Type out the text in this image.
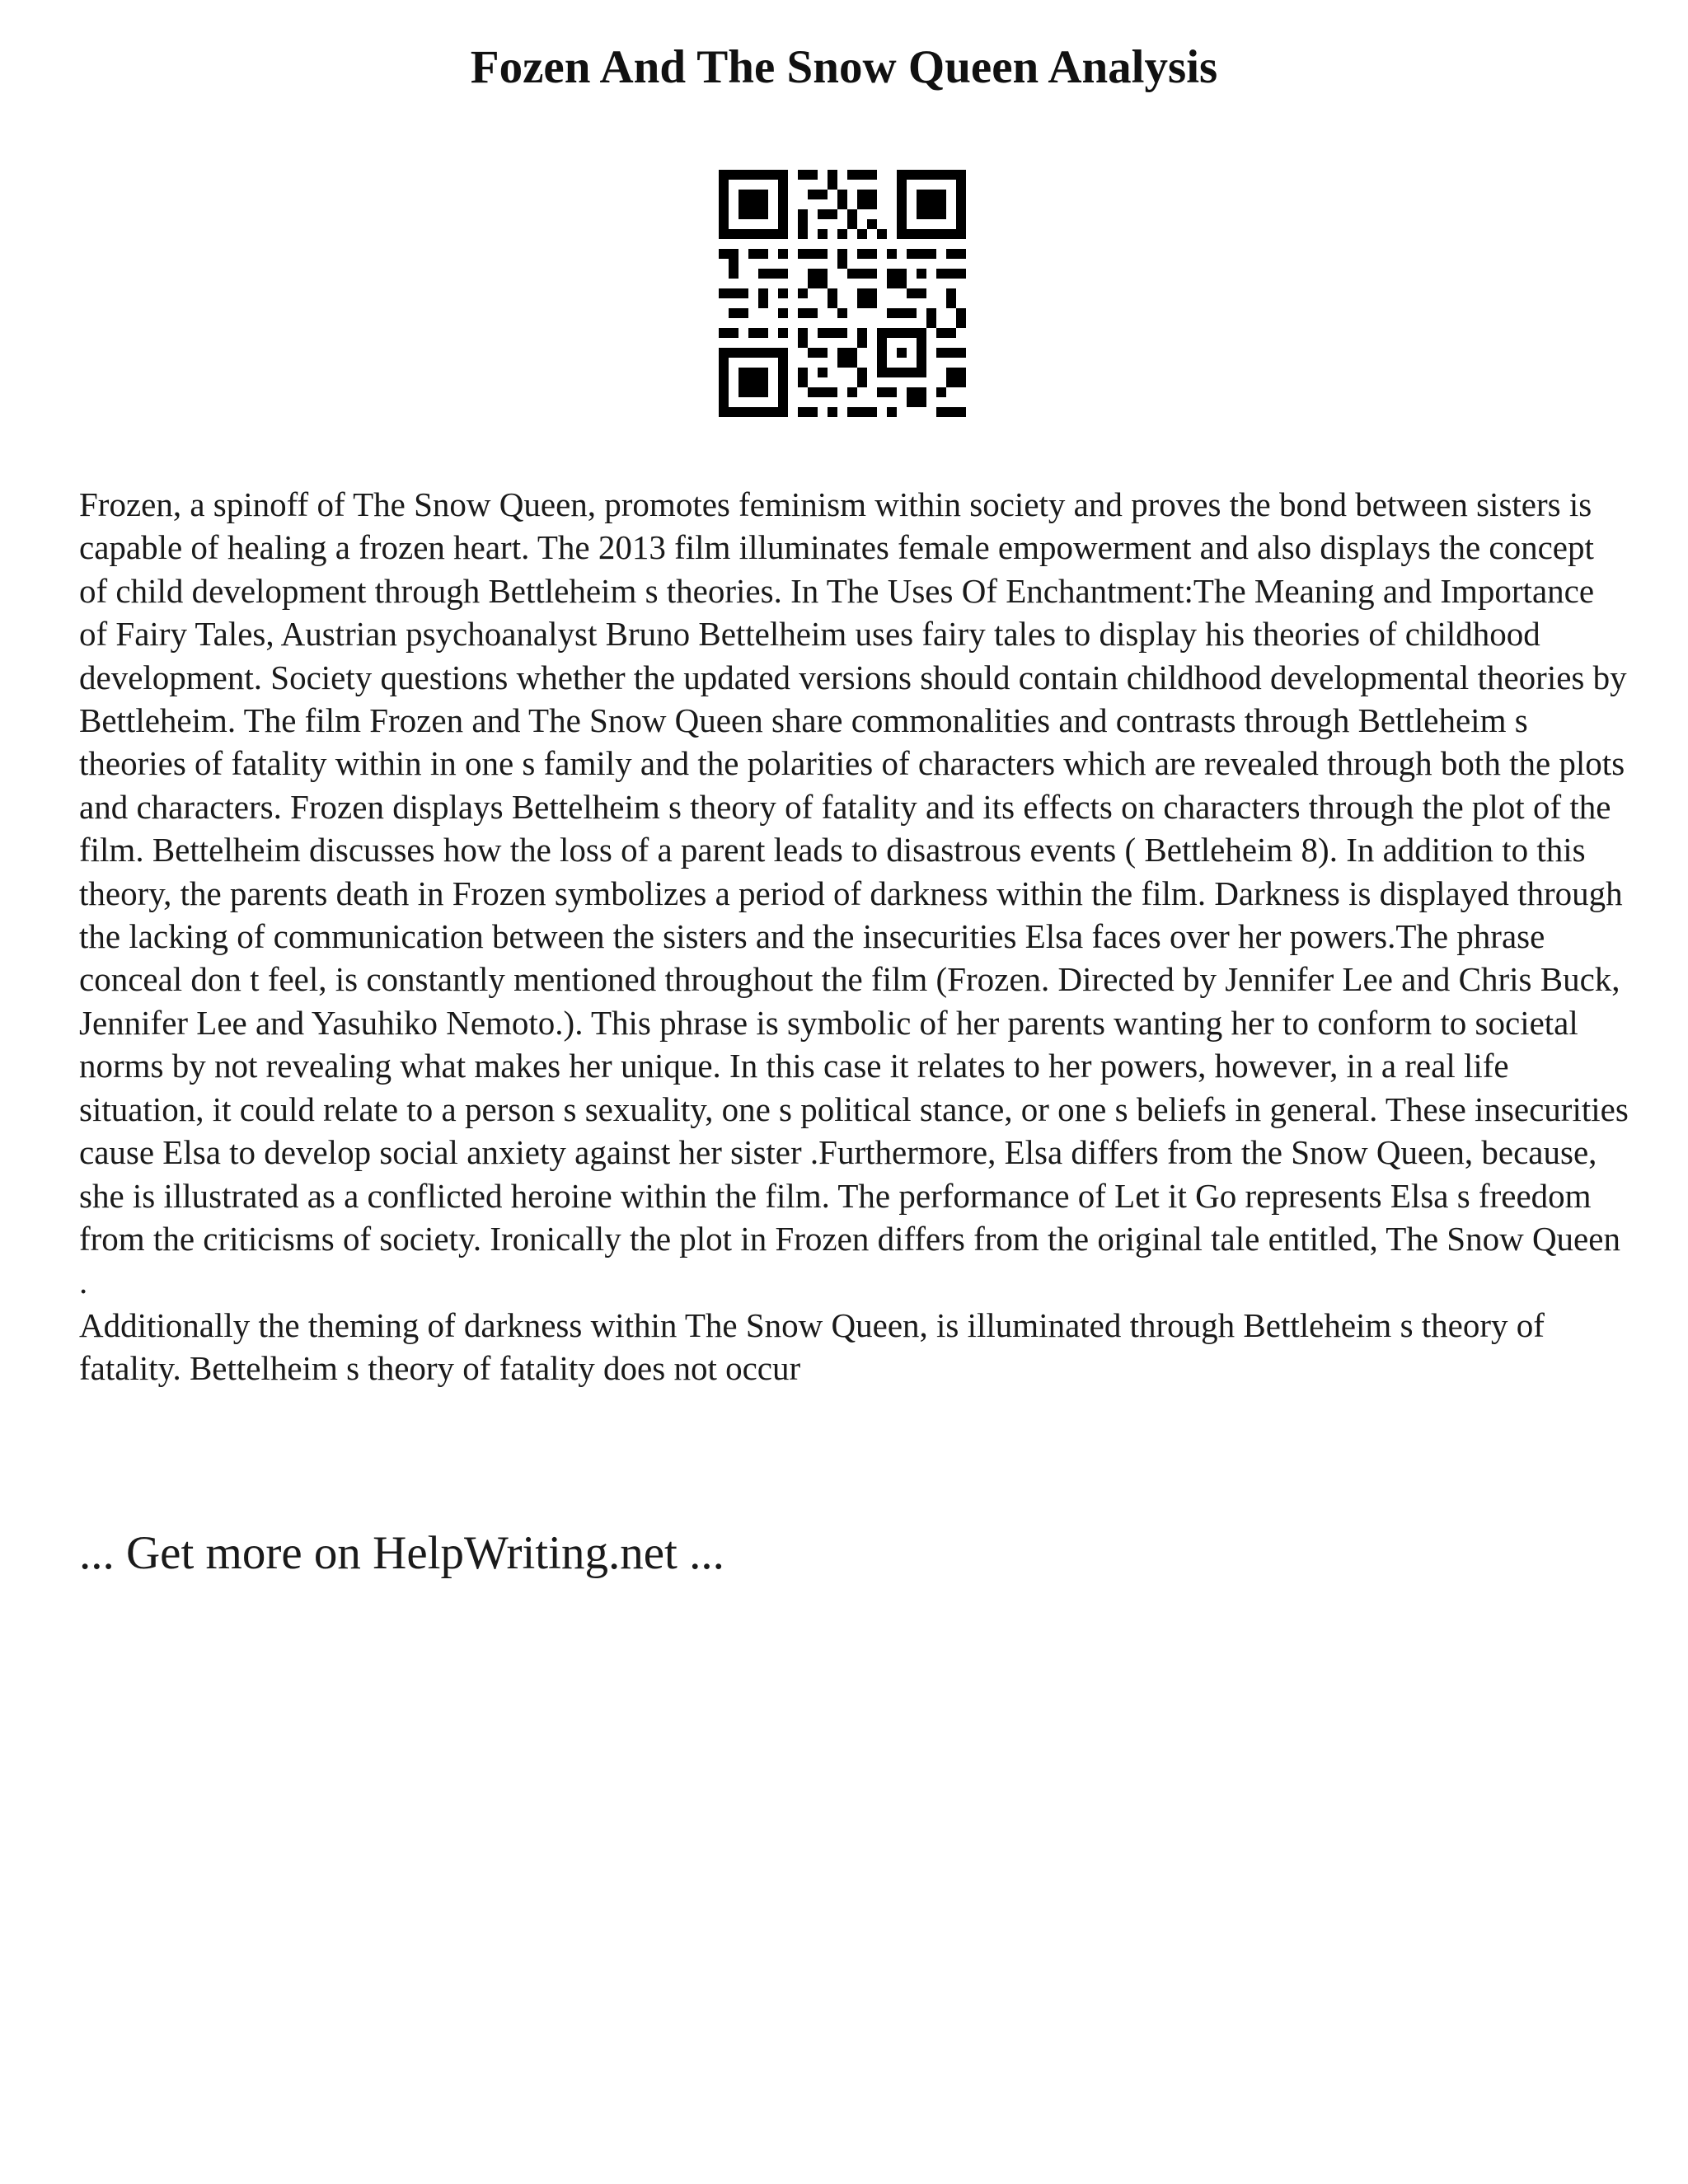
Fozen And The Snow Queen Analysis

Frozen, a spinoff of The Snow Queen, promotes feminism within society and proves the bond between sisters is capable of healing a frozen heart. The 2013 film illuminates female empowerment and also displays the concept of child development through Bettleheim s theories. In The Uses Of Enchantment:The Meaning and Importance of Fairy Tales, Austrian psychoanalyst Bruno Bettelheim uses fairy tales to display his theories of childhood development. Society questions whether the updated versions should contain childhood developmental theories by Bettleheim. The film Frozen and The Snow Queen share commonalities and contrasts through Bettleheim s theories of fatality within in one s family and the polarities of characters which are revealed through both the plots and characters. Frozen displays Bettelheim s theory of fatality and its effects on characters through the plot of the film. Bettelheim discusses how the loss of a parent leads to disastrous events ( Bettleheim 8). In addition to this theory, the parents death in Frozen symbolizes a period of darkness within the film. Darkness is displayed through the lacking of communication between the sisters and the insecurities Elsa faces over her powers.The phrase conceal don t feel, is constantly mentioned throughout the film (Frozen. Directed by Jennifer Lee and Chris Buck, Jennifer Lee and Yasuhiko Nemoto.). This phrase is symbolic of her parents wanting her to conform to societal norms by not revealing what makes her unique. In this case it relates to her powers, however, in a real life situation, it could relate to a person s sexuality, one s political stance, or one s beliefs in general. These insecurities cause Elsa to develop social anxiety against her sister .Furthermore, Elsa differs from the Snow Queen, because, she is illustrated as a conflicted heroine within the film. The performance of Let it Go represents Elsa s freedom from the criticisms of society. Ironically the plot in Frozen differs from the original tale entitled, The Snow Queen .

Additionally the theming of darkness within The Snow Queen, is illuminated through Bettleheim s theory of fatality. Bettelheim s theory of fatality does not occur

... Get more on HelpWriting.net ...
